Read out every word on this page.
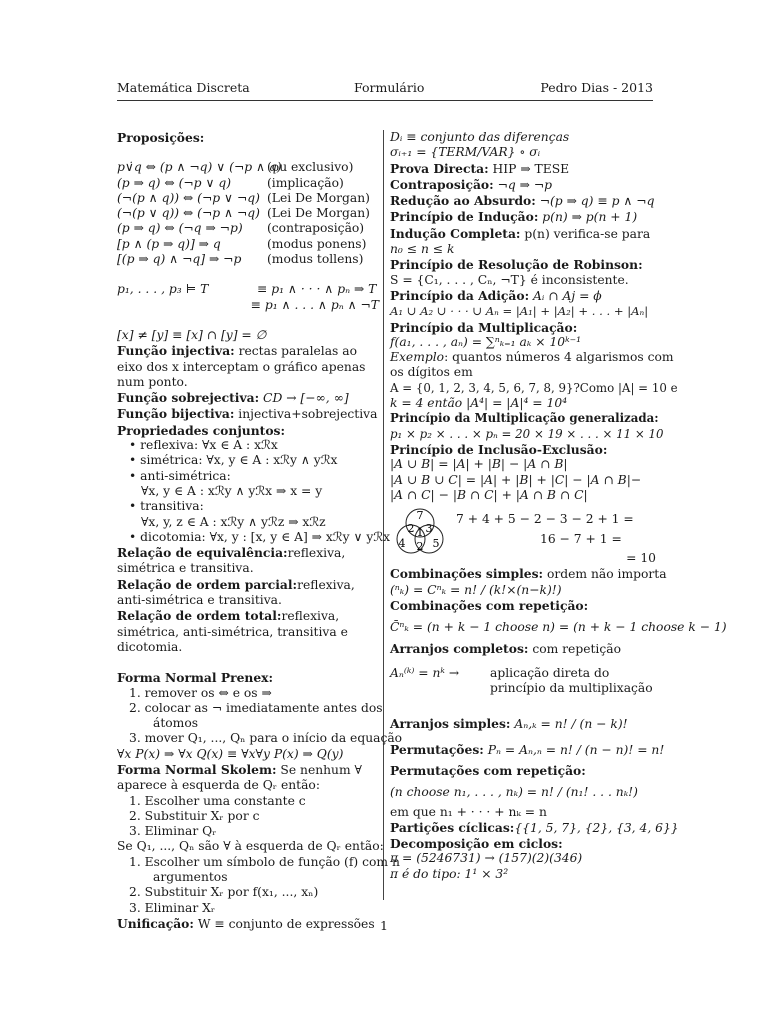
Matemática Discreta	Formulário	Pedro Dias - 2013
Proposições:
p∨̇q ⇔ (p ∧ ¬q) ∨ (¬p ∧ q)
(ou exclusivo)
(p ⇒ q) ⇔ (¬p ∨ q)	(implicação)
(¬(p ∧ q)) ⇔ (¬p ∨ ¬q) (Lei De Morgan)
(¬(p ∨ q)) ⇔ (¬p ∧ ¬q) (Lei De Morgan)
(p ⇒ q) ⇔ (¬q ⇒ ¬p)	(contraposição)
[p ∧ (p ⇒ q)] ⇒ q	(modus ponens)
[(p ⇒ q) ∧ ¬q] ⇒ ¬p	(modus tollens)
p₁, . . . , p₃ ⊨ T	≡ p₁ ∧ · · · ∧ pₙ ⇒ T
≡ p₁ ∧ . . . ∧ pₙ ∧ ¬T
[x] ≠ [y] ≡ [x] ∩ [y] = ∅
Função injectiva: rectas paralelas ao eixo dos x interceptam o gráfico apenas num ponto.
Função sobrejectiva: CD → [−∞, ∞]
Função bijectiva: injectiva+sobrejectiva
Propriedades conjuntos:
• reflexiva: ∀x ∈ A : xℛx
• simétrica: ∀x, y ∈ A : xℛy ∧ yℛx
• anti-simétrica:
∀x, y ∈ A : xℛy ∧ yℛx ⇒ x = y
• transitiva:
∀x, y, z ∈ A : xℛy ∧ yℛz ⇒ xℛz
• dicotomia: ∀x, y : [x, y ∈ A] ⇒ xℛy ∨ yℛx
Relação de equivalência:reflexiva, simétrica e transitiva.
Relação de ordem parcial:reflexiva, anti-simétrica e transitiva.
Relação de ordem total:reflexiva, simétrica, anti-simétrica, transitiva e dicotomia.
Forma Normal Prenex:
1. remover os ⇔ e os ⇒
2. colocar as ¬ imediatamente antes dos
átomos
3. mover Q₁, ..., Qₙ para o início da equação
∀x P(x) ⇒ ∀x Q(x) ≡ ∀x∀y P(x) ⇒ Q(y)
Forma Normal Skolem: Se nenhum ∀
aparece à esquerda de Qᵣ então:
1. Escolher uma constante c
2. Substituir Xᵣ por c
3. Eliminar Qᵣ
Se Q₁, ..., Qₙ são ∀ à esquerda de Qᵣ então:
1. Escolher um símbolo de função (f) com n
argumentos
2. Substituir Xᵣ por f(x₁, ..., xₙ)
3. Eliminar Xᵣ
Unificação: W ≡ conjunto de expressões
Dᵢ ≡ conjunto das diferenças
σᵢ₊₁ = {TERM/VAR} ∘ σᵢ
Prova Directa: HIP ⇒ TESE
Contraposição: ¬q ⇒ ¬p
Redução ao Absurdo: ¬(p ⇒ q) ≡ p ∧ ¬q
Princípio de Indução: p(n) ⇒ p(n + 1)
Indução Completa: p(n) verifica-se para
n₀ ≤ n ≤ k
Princípio de Resolução de Robinson:
S = {C₁, . . . , Cₙ, ¬T} é inconsistente.
Princípio da Adição: Aᵢ ∩ Aj = ϕ
A₁ ∪ A₂ ∪ · · · ∪ Aₙ = |A₁| + |A₂| + . . . + |Aₙ|
Princípio da Multiplicação:
f(a₁, . . . , aₙ) = ∑ⁿₖ₌₁ aₖ × 10ᵏ⁻¹
Exemplo: quantos números 4 algarismos com
os dígitos em
A = {0, 1, 2, 3, 4, 5, 6, 7, 8, 9}?Como |A| = 10 e
k = 4 então |A⁴| = |A|⁴ = 10⁴
Princípio da Multiplicação generalizada:
p₁ × p₂ × . . . × pₙ = 20 × 19 × . . . × 11 × 10
Princípio de Inclusão-Exclusão:
|A ∪ B| = |A| + |B| − |A ∩ B|
|A ∪ B ∪ C| = |A| + |B| + |C| − |A ∩ B|−
|A ∩ C| − |B ∩ C| + |A ∩ B ∩ C|
7
2 1 3
4 2 5
7 + 4 + 5 − 2 − 3 − 2 + 1 =
16 − 7 + 1 =
= 10
Combinações simples: ordem não importa
(ⁿₖ) = Cⁿₖ = n! / (k!×(n−k)!)
Combinações com repetição:
C̄ⁿₖ = (n + k − 1 choose n) = (n + k − 1 choose k − 1)
Arranjos completos: com repetição
Aₙ⁽ᵏ⁾ = nᵏ →	aplicação direta do
princípio da multiplixação
Arranjos simples: Aₙ,ₖ = n! / (n − k)!
Permutações: Pₙ = Aₙ,ₙ = n! / (n − n)! = n!
Permutações com repetição:
(n choose n₁, . . . , nₖ) = n! / (n₁! . . . nₖ!)
em que n₁ + · · · + nₖ = n
Partições cíclicas:{{1, 5, 7}, {2}, {3, 4, 6}}
Decomposição em ciclos:
π = (5246731) → (157)(2)(346)
π é do tipo: 1¹ × 3²
1
